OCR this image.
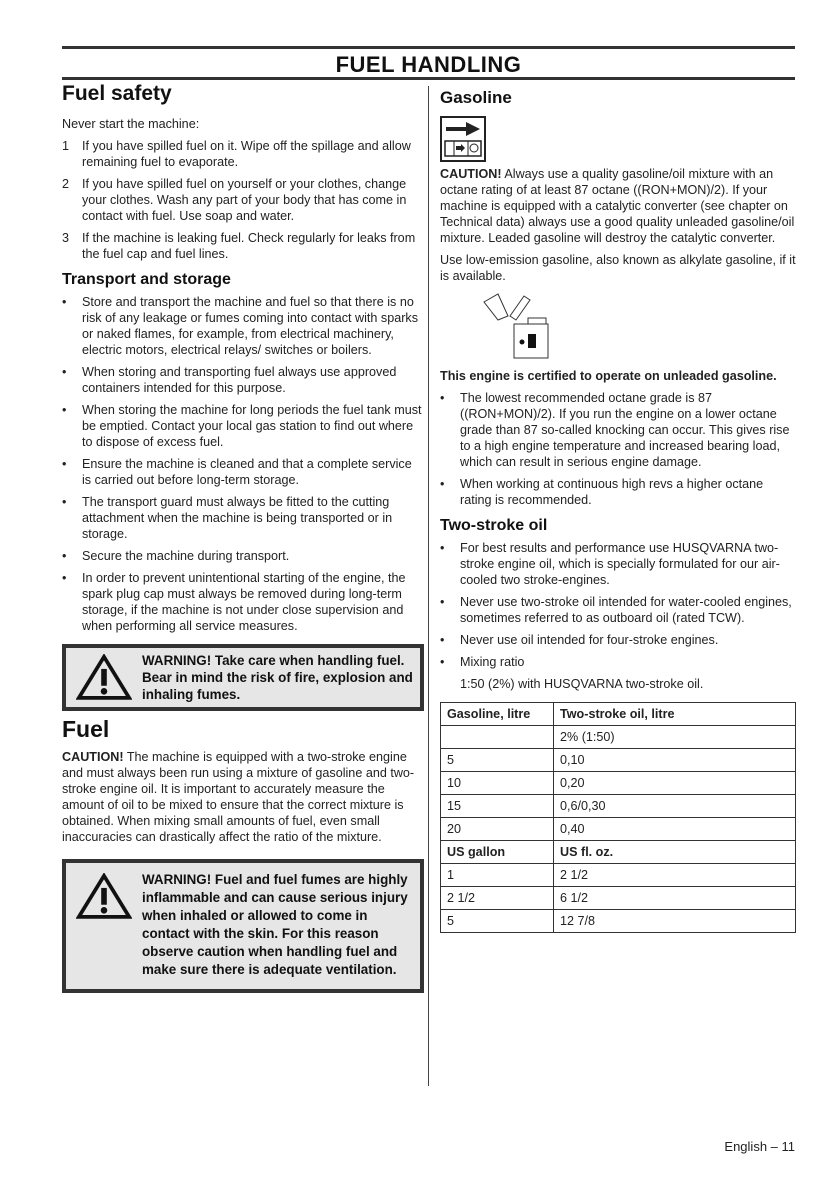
FUEL HANDLING
Fuel safety

Never start the machine:

1 If you have spilled fuel on it. Wipe off the spillage and allow remaining fuel to evaporate.
2 If you have spilled fuel on yourself or your clothes, change your clothes. Wash any part of your body that has come in contact with fuel. Use soap and water.
3 If the machine is leaking fuel. Check regularly for leaks from the fuel cap and fuel lines.
Transport and storage
• Store and transport the machine and fuel so that there is no risk of any leakage or fumes coming into contact with sparks or naked flames, for example, from electrical machinery, electric motors, electrical relays/ switches or boilers.
• When storing and transporting fuel always use approved containers intended for this purpose.
• When storing the machine for long periods the fuel tank must be emptied. Contact your local gas station to find out where to dispose of excess fuel.
• Ensure the machine is cleaned and that a complete service is carried out before long-term storage.
• The transport guard must always be fitted to the cutting attachment when the machine is being transported or in storage.
• Secure the machine during transport.
• In order to prevent unintentional starting of the engine, the spark plug cap must always be removed during long-term storage, if the machine is not under close supervision and when performing all service measures.
WARNING! Take care when handling fuel. Bear in mind the risk of fire, explosion and inhaling fumes.
Fuel

CAUTION! The machine is equipped with a two-stroke engine and must always been run using a mixture of gasoline and two-stroke engine oil. It is important to accurately measure the amount of oil to be mixed to ensure that the correct mixture is obtained. When mixing small amounts of fuel, even small inaccuracies can drastically affect the ratio of the mixture.

WARNING! Fuel and fuel fumes are highly inflammable and can cause serious injury when inhaled or allowed to come in contact with the skin. For this reason observe caution when handling fuel and make sure there is adequate ventilation.
Gasoline

CAUTION! Always use a quality gasoline/oil mixture with an octane rating of at least 87 octane ((RON+MON)/2). If your machine is equipped with a catalytic converter (see chapter on Technical data) always use a good quality unleaded gasoline/oil mixture. Leaded gasoline will destroy the catalytic converter.

Use low-emission gasoline, also known as alkylate gasoline, if it is available.

This engine is certified to operate on unleaded gasoline.

• The lowest recommended octane grade is 87 ((RON+MON)/2). If you run the engine on a lower octane grade than 87 so-called knocking can occur. This gives rise to a high engine temperature and increased bearing load, which can result in serious engine damage.
• When working at continuous high revs a higher octane rating is recommended.
Two-stroke oil
• For best results and performance use HUSQVARNA two-stroke engine oil, which is specially formulated for our air-cooled two stroke-engines.
• Never use two-stroke oil intended for water-cooled engines, sometimes referred to as outboard oil (rated TCW).
• Never use oil intended for four-stroke engines.
• Mixing ratio

1:50 (2%) with HUSQVARNA two-stroke oil.

Gasoline, litre	Two-stroke oil, litre
	2% (1:50)
5	0,10
10	0,20
15	0,6/0,30
20	0,40
US gallon	US fl. oz.
1	2 1/2
2 1/2	6 1/2
5	12 7/8
English – 11
